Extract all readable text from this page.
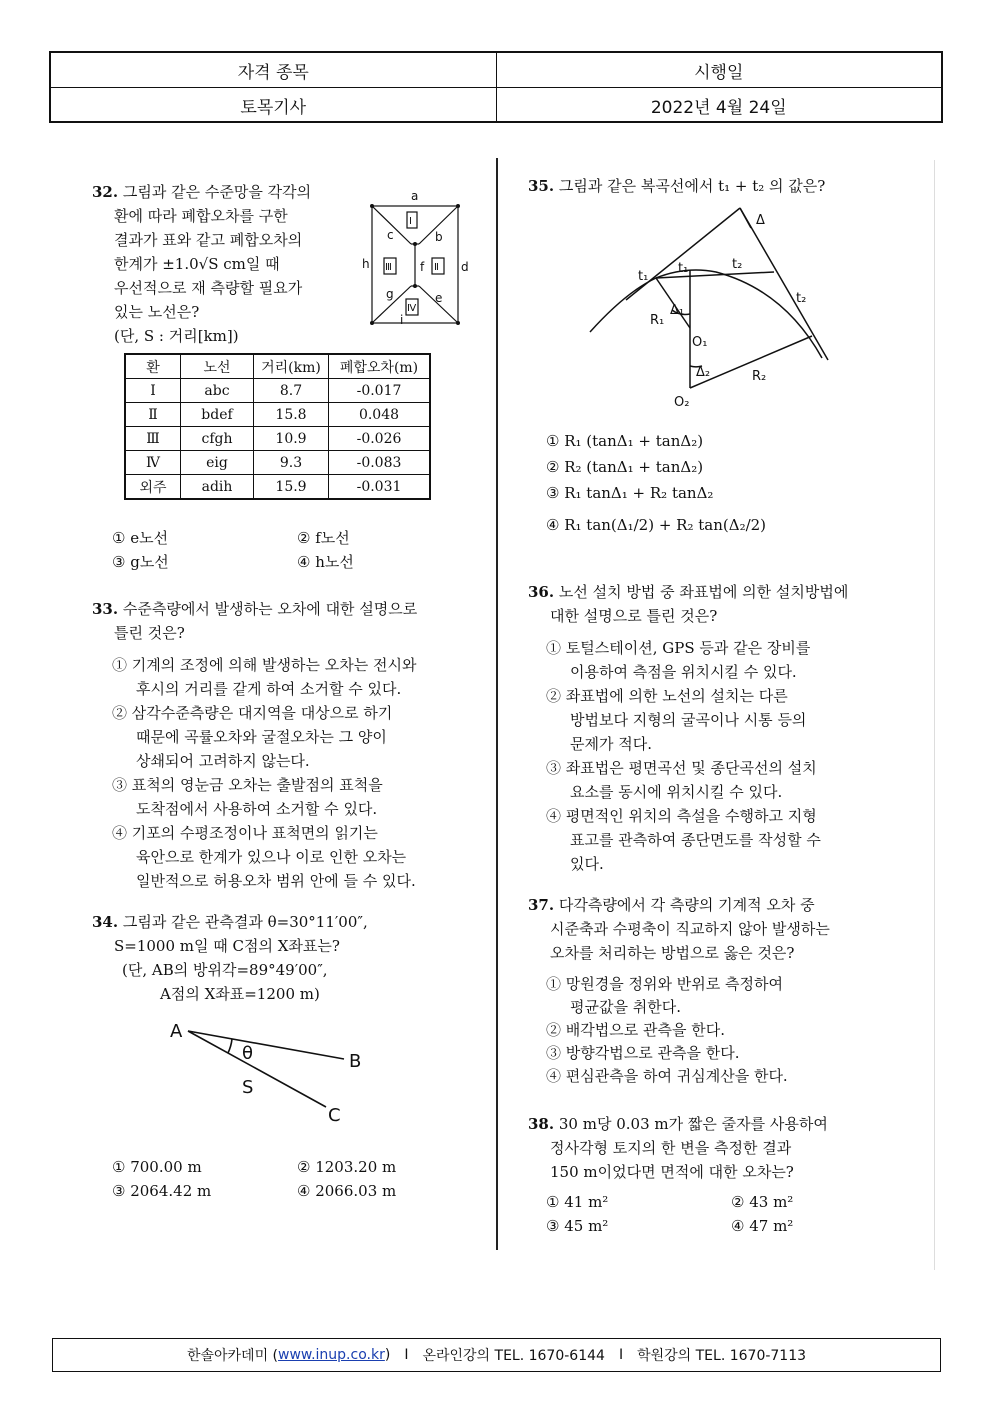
자격 종목	시행일
토목기사	2022년 4월 24일

32. 그림과 같은 수준망을 각각의

환에 따라 폐합오차를 구한

결과가 표와 같고 폐합오차의

한계가 ±1.0√S cm일 때

우선적으로 재 측량할 필요가

있는 노선은?

(단, S : 거리[km])

a
b
c
d
e
f
g
h
i
Ⅰ
Ⅱ
Ⅲ
Ⅳ
환	노선	거리(km)	폐합오차(m)
Ⅰ	abc	8.7	-0.017
Ⅱ	bdef	15.8	0.048
Ⅲ	cfgh	10.9	-0.026
Ⅳ	eig	9.3	-0.083
외주	adih	15.9	-0.031

① e노선	② f노선

③ g노선	④ h노선

33. 수준측량에서 발생하는 오차에 대한 설명으로

틀린 것은?

① 기계의 조정에 의해 발생하는 오차는 전시와

후시의 거리를 같게 하여 소거할 수 있다.

② 삼각수준측량은 대지역을 대상으로 하기

때문에 곡률오차와 굴절오차는 그 양이

상쇄되어 고려하지 않는다.

③ 표척의 영눈금 오차는 출발점의 표척을

도착점에서 사용하여 소거할 수 있다.

④ 기포의 수평조정이나 표척면의 읽기는

육안으로 한계가 있으나 이로 인한 오차는

일반적으로 허용오차 범위 안에 들 수 있다.

34. 그림과 같은 관측결과 θ=30°11′00″,

S=1000 m일 때 C점의 X좌표는?

(단, AB의 방위각=89°49′00″,

A점의 X좌표=1200 m)

A
B
C
θ
S

① 700.00 m	② 1203.20 m

③ 2064.42 m	④ 2066.03 m

35. 그림과 같은 복곡선에서 t₁ + t₂ 의 값은?

Δ
t₁
t₁	t₂
t₂
R₁
Δ₁
O₁
Δ₂	R₂
O₂

① R₁ (tanΔ₁ + tanΔ₂)

② R₂ (tanΔ₁ + tanΔ₂)

③ R₁ tanΔ₁ + R₂ tanΔ₂

④ R₁ tan(Δ₁/2) + R₂ tan(Δ₂/2)

36. 노선 설치 방법 중 좌표법에 의한 설치방법에

대한 설명으로 틀린 것은?

① 토털스테이션, GPS 등과 같은 장비를

이용하여 측점을 위치시킬 수 있다.

② 좌표법에 의한 노선의 설치는 다른

방법보다 지형의 굴곡이나 시통 등의

문제가 적다.

③ 좌표법은 평면곡선 및 종단곡선의 설치

요소를 동시에 위치시킬 수 있다.

④ 평면적인 위치의 측설을 수행하고 지형

표고를 관측하여 종단면도를 작성할 수

있다.

37. 다각측량에서 각 측량의 기계적 오차 중

시준축과 수평축이 직교하지 않아 발생하는

오차를 처리하는 방법으로 옳은 것은?

① 망원경을 정위와 반위로 측정하여

평균값을 취한다.

② 배각법으로 관측을 한다.

③ 방향각법으로 관측을 한다.

④ 편심관측을 하여 귀심계산을 한다.

38. 30 m당 0.03 m가 짧은 줄자를 사용하여

정사각형 토지의 한 변을 측정한 결과

150 m이었다면 면적에 대한 오차는?

① 41 m²	② 43 m²

③ 45 m²	④ 47 m²

한솔아카데미 ( www.inup.co.kr ) I 온라인강의 TEL. 1670-6144 I 학원강의 TEL. 1670-7113
